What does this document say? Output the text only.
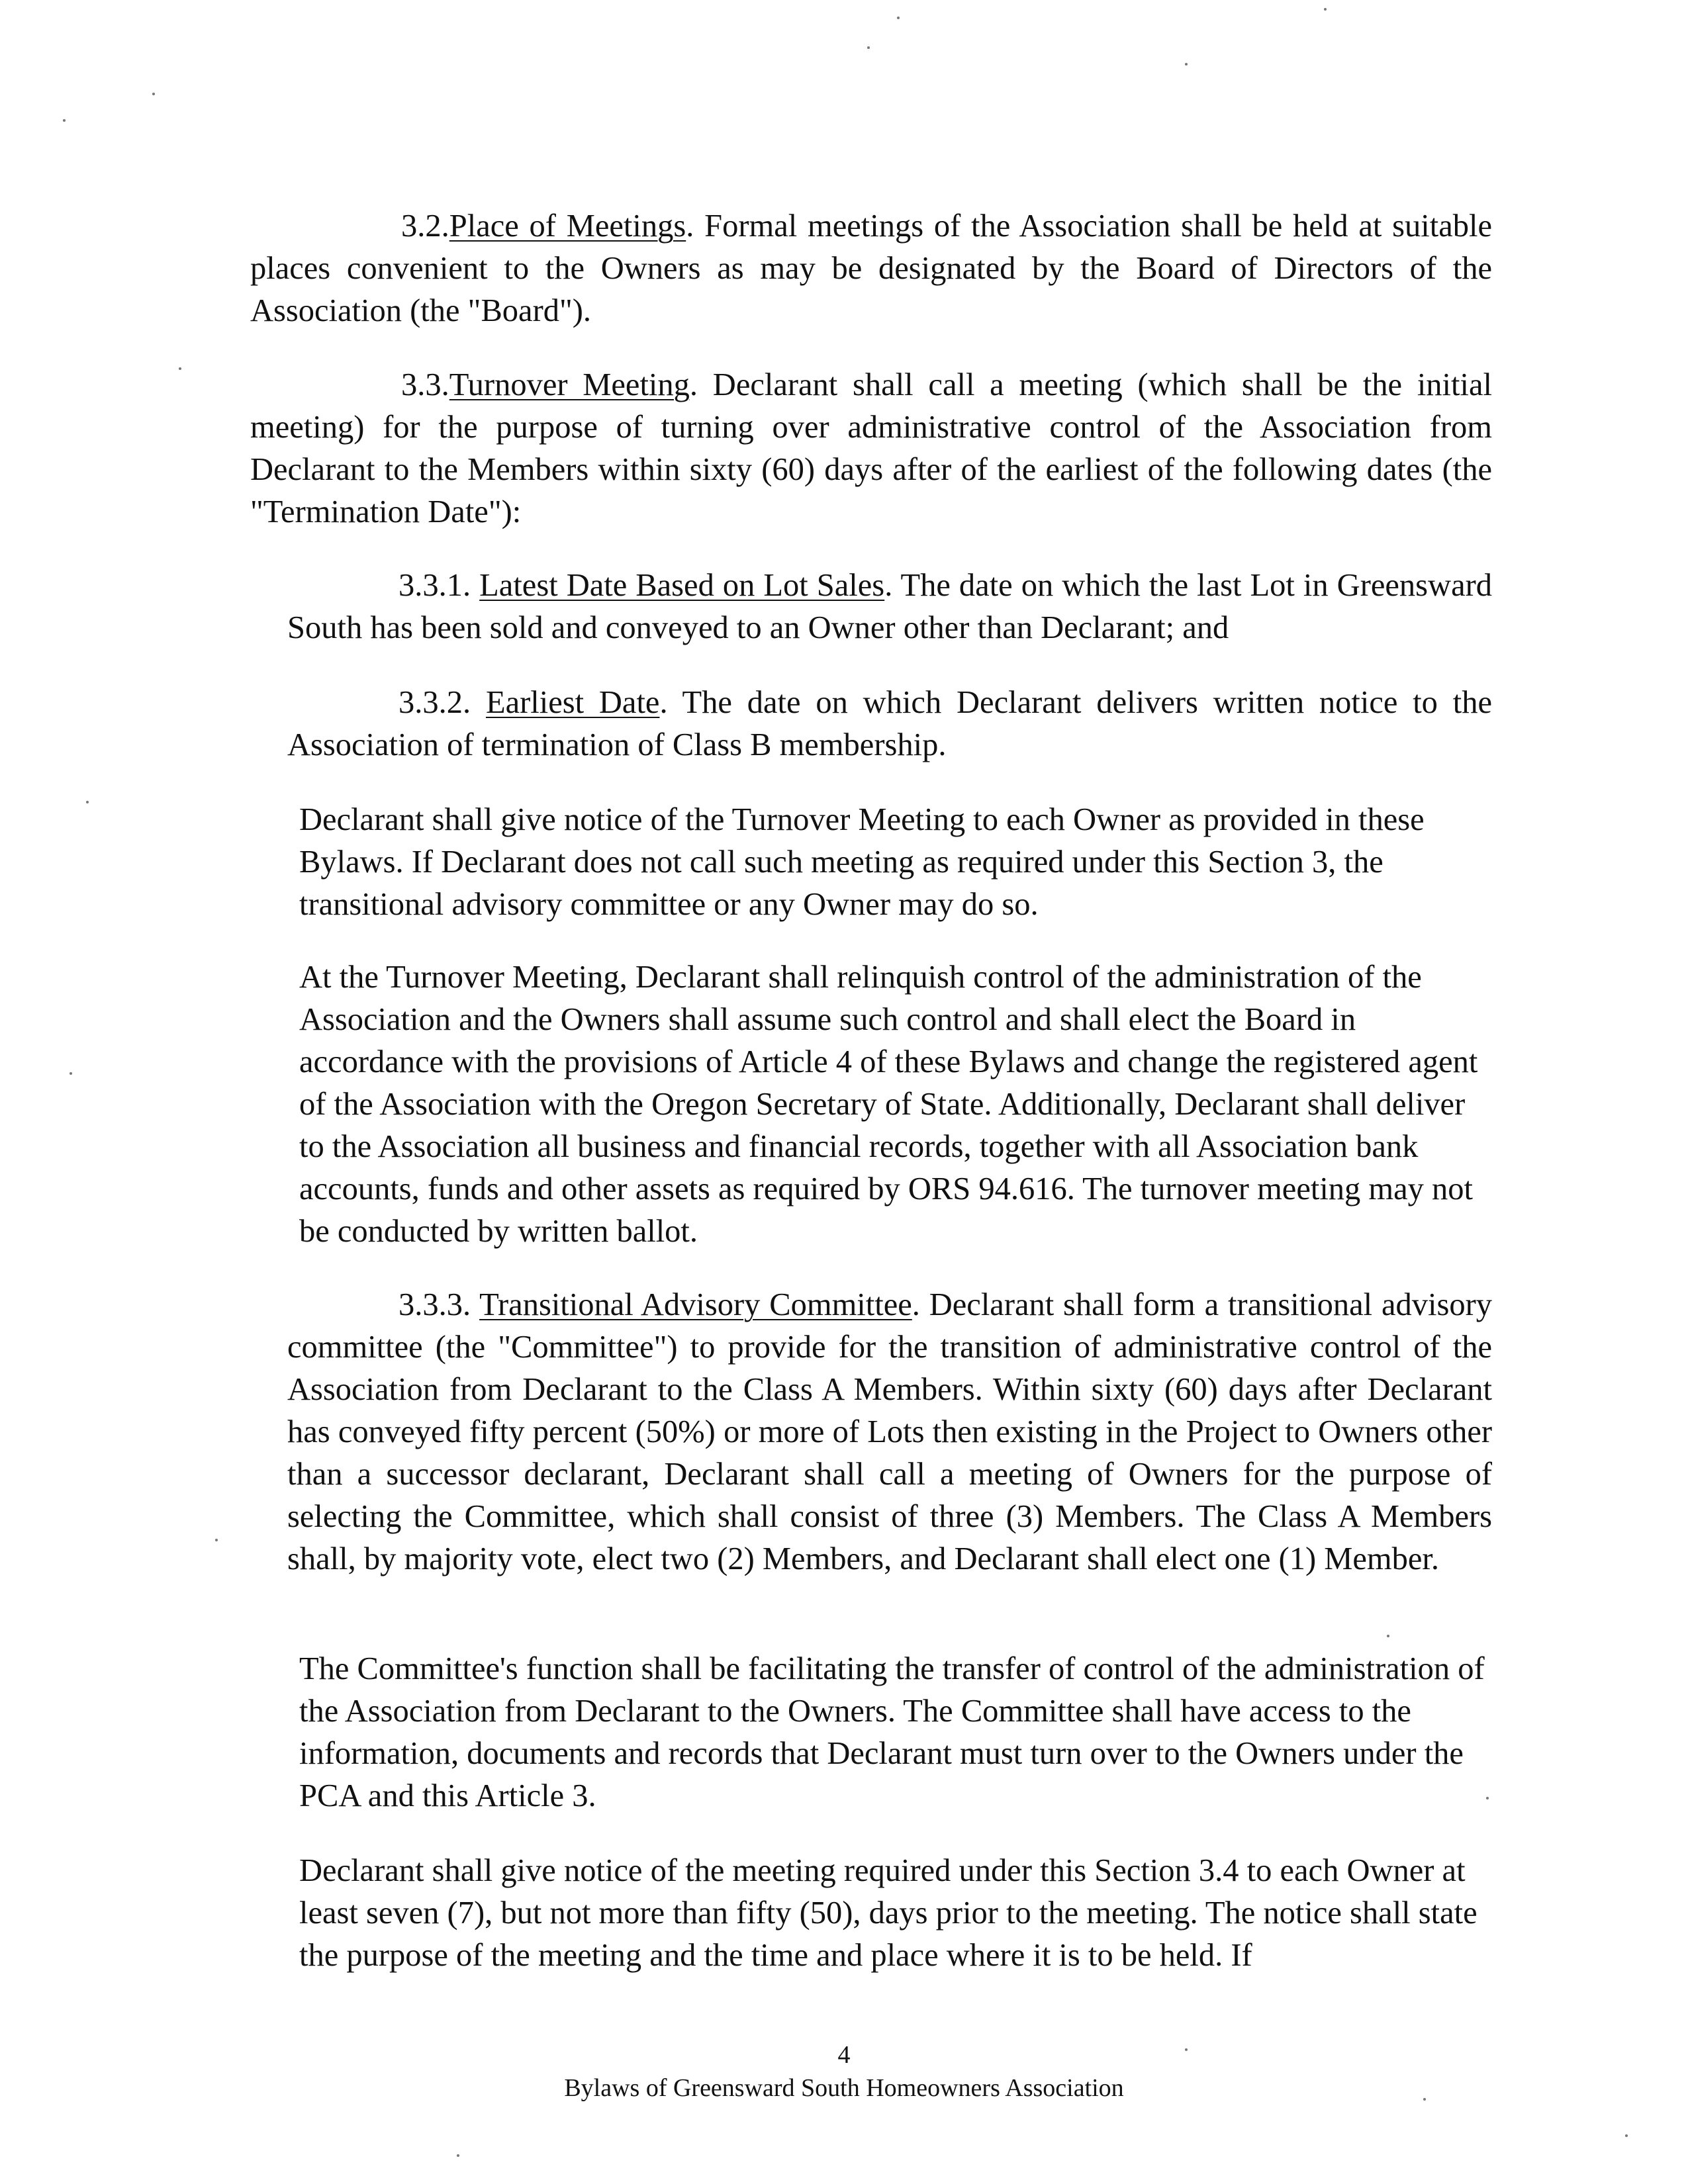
3.2.Place of Meetings. Formal meetings of the Association shall be held at suitable places convenient to the Owners as may be designated by the Board of Directors of the Association (the "Board").

3.3.Turnover Meeting. Declarant shall call a meeting (which shall be the initial meeting) for the purpose of turning over administrative control of the Association from Declarant to the Members within sixty (60) days after of the earliest of the following dates (the "Termination Date"):

3.3.1. Latest Date Based on Lot Sales. The date on which the last Lot in Greensward South has been sold and conveyed to an Owner other than Declarant; and

3.3.2. Earliest Date. The date on which Declarant delivers written notice to the Association of termination of Class B membership.

Declarant shall give notice of the Turnover Meeting to each Owner as provided in these Bylaws. If Declarant does not call such meeting as required under this Section 3, the transitional advisory committee or any Owner may do so.

At the Turnover Meeting, Declarant shall relinquish control of the administration of the Association and the Owners shall assume such control and shall elect the Board in accordance with the provisions of Article 4 of these Bylaws and change the registered agent of the Association with the Oregon Secretary of State. Additionally, Declarant shall deliver to the Association all business and financial records, together with all Association bank accounts, funds and other assets as required by ORS 94.616. The turnover meeting may not be conducted by written ballot.

3.3.3. Transitional Advisory Committee. Declarant shall form a transitional advisory committee (the "Committee") to provide for the transition of administrative control of the Association from Declarant to the Class A Members. Within sixty (60) days after Declarant has conveyed fifty percent (50%) or more of Lots then existing in the Project to Owners other than a successor declarant, Declarant shall call a meeting of Owners for the purpose of selecting the Committee, which shall consist of three (3) Members. The Class A Members shall, by majority vote, elect two (2) Members, and Declarant shall elect one (1) Member.

The Committee's function shall be facilitating the transfer of control of the administration of the Association from Declarant to the Owners. The Committee shall have access to the information, documents and records that Declarant must turn over to the Owners under the PCA and this Article 3.

Declarant shall give notice of the meeting required under this Section 3.4 to each Owner at least seven (7), but not more than fifty (50), days prior to the meeting. The notice shall state the purpose of the meeting and the time and place where it is to be held. If

4
Bylaws of Greensward South Homeowners Association
